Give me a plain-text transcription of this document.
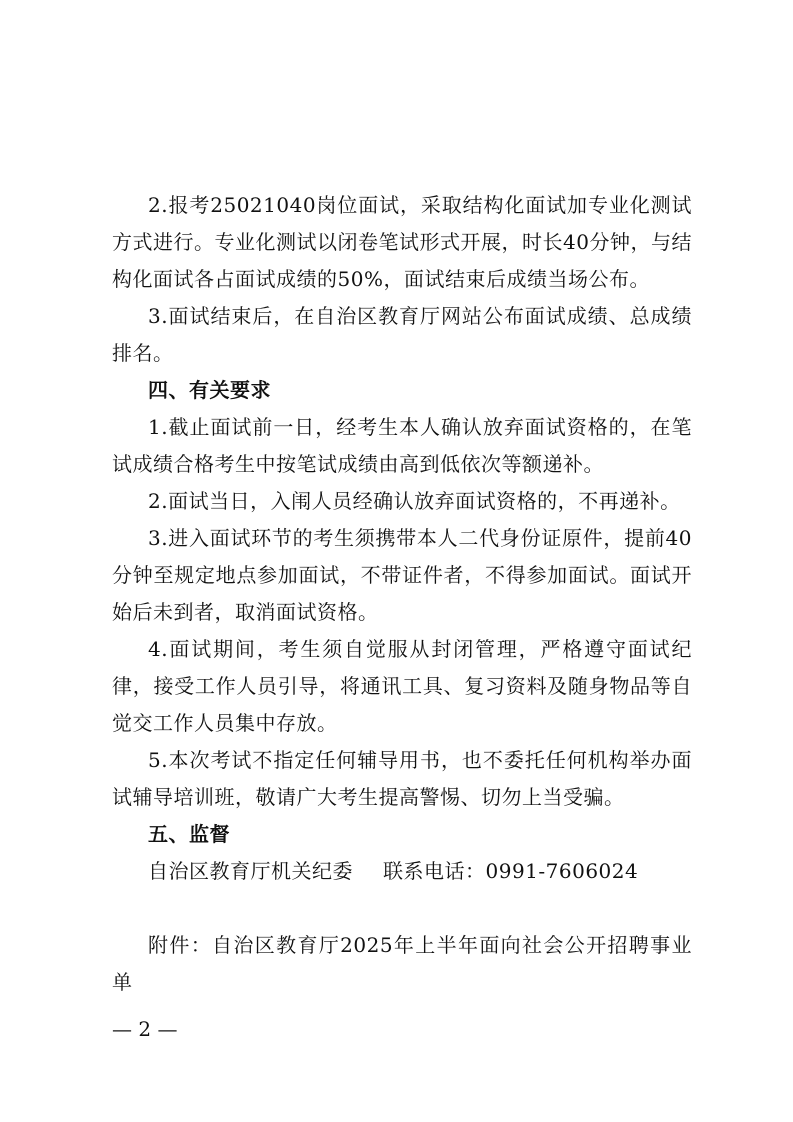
2.报考25021040岗位面试，采取结构化面试加专业化测试方式进行。专业化测试以闭卷笔试形式开展，时长40分钟，与结构化面试各占面试成绩的50%，面试结束后成绩当场公布。

3.面试结束后，在自治区教育厅网站公布面试成绩、总成绩排名。

四、有关要求

1.截止面试前一日，经考生本人确认放弃面试资格的，在笔试成绩合格考生中按笔试成绩由高到低依次等额递补。

2.面试当日，入闱人员经确认放弃面试资格的，不再递补。

3.进入面试环节的考生须携带本人二代身份证原件，提前40分钟至规定地点参加面试，不带证件者，不得参加面试。面试开始后未到者，取消面试资格。

4.面试期间，考生须自觉服从封闭管理，严格遵守面试纪律，接受工作人员引导，将通讯工具、复习资料及随身物品等自觉交工作人员集中存放。

5.本次考试不指定任何辅导用书，也不委托任何机构举办面试辅导培训班，敬请广大考生提高警惕、切勿上当受骗。

五、监督

自治区教育厅机关纪委 联系电话：0991-7606024

附件：自治区教育厅2025年上半年面向社会公开招聘事业单

— 2 —
